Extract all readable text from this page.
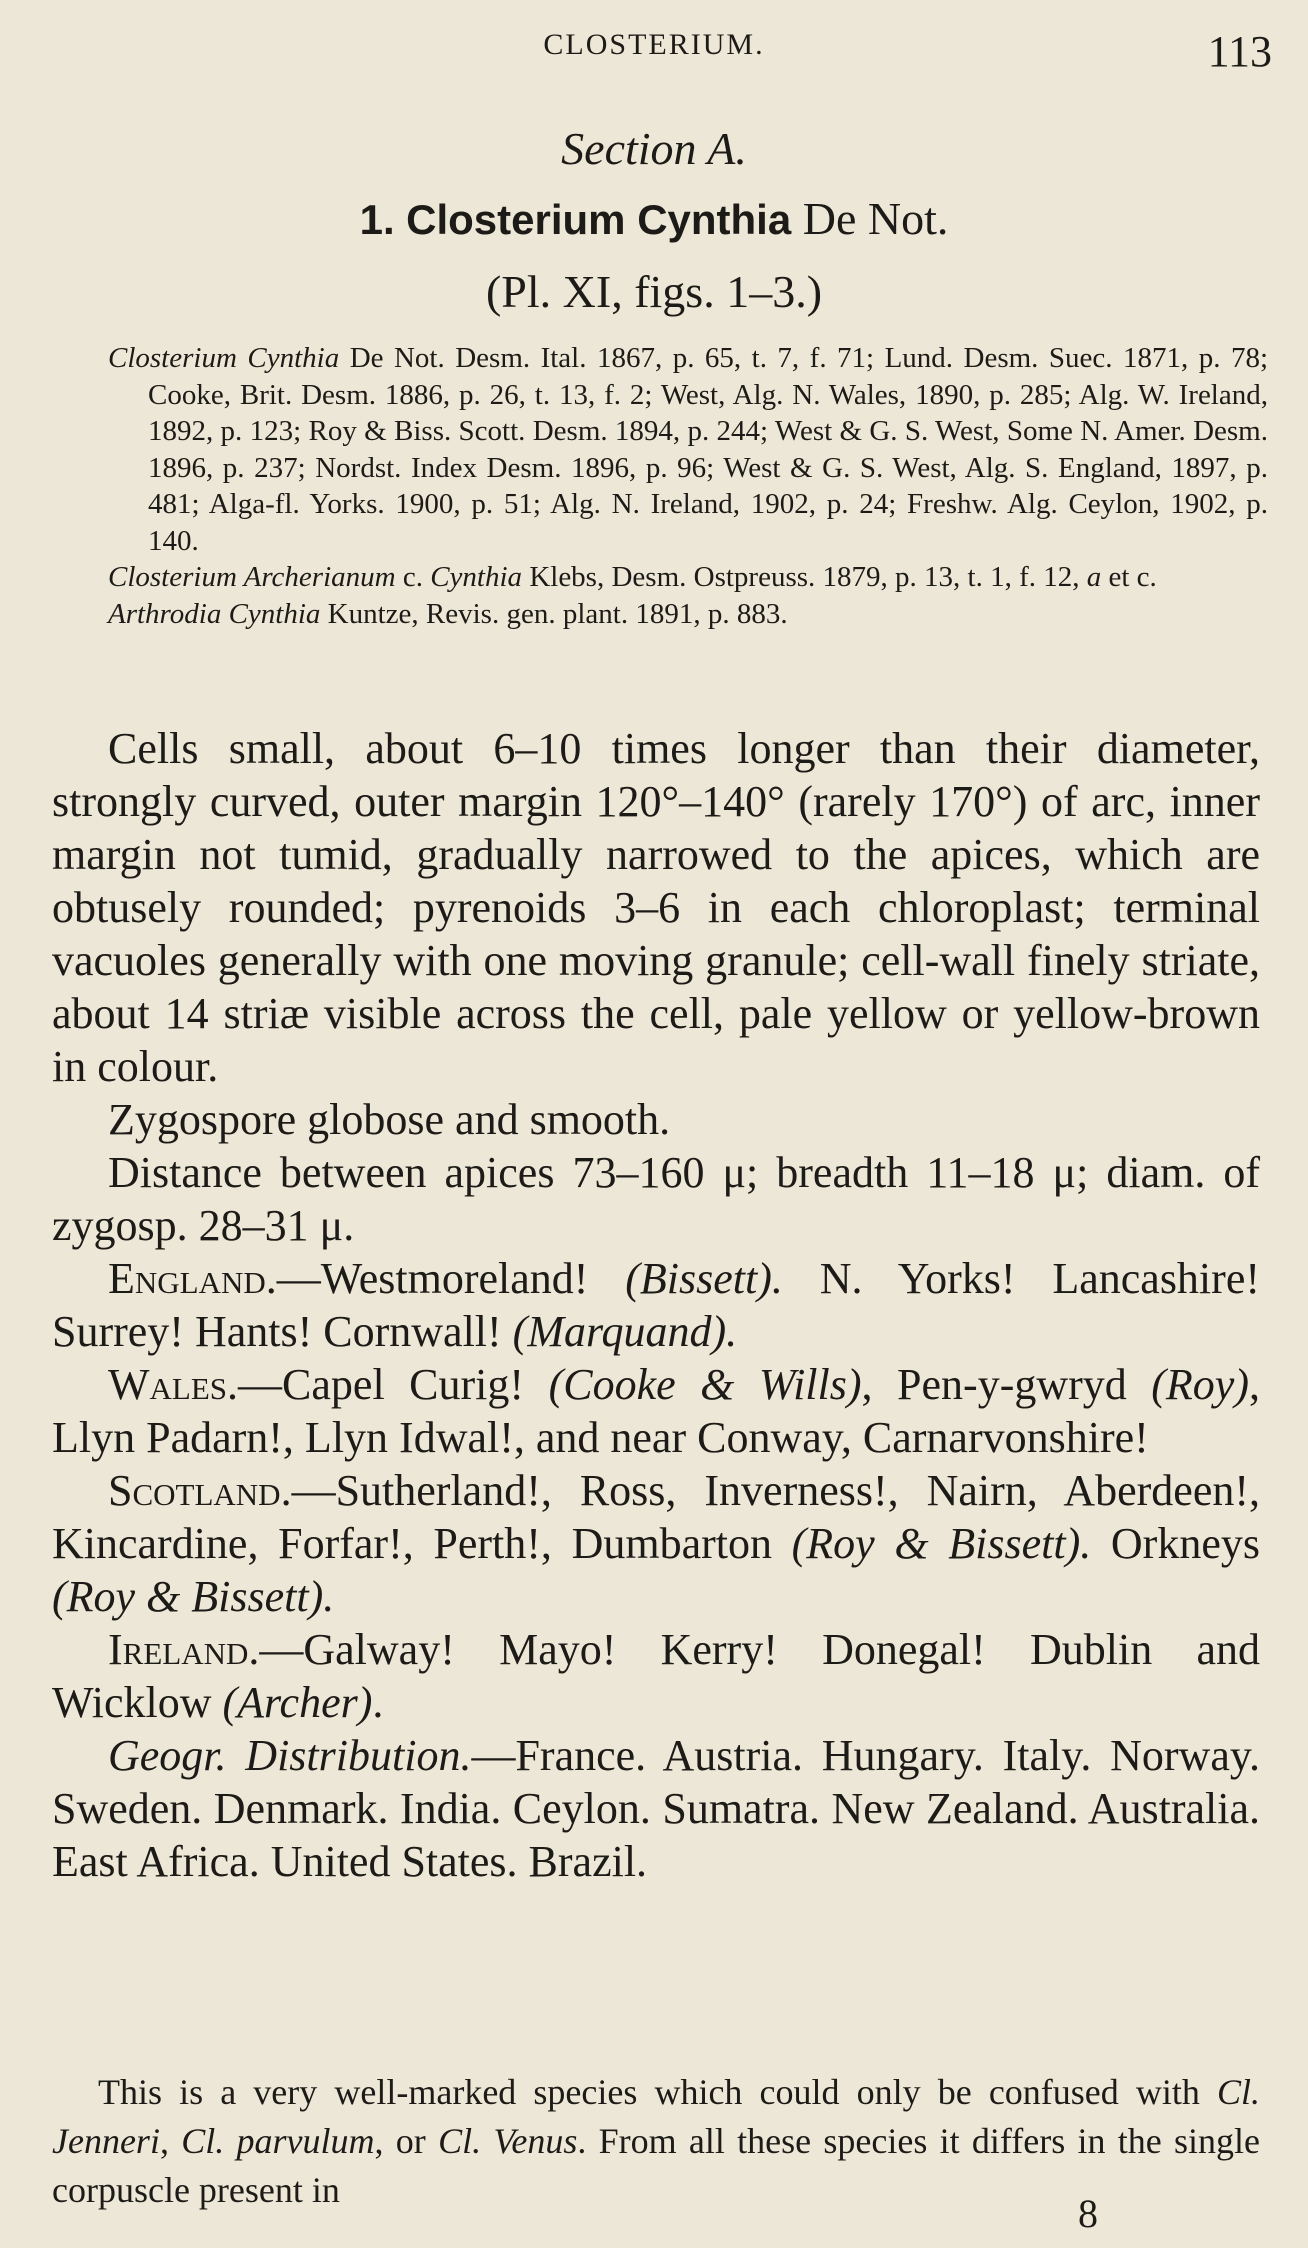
CLOSTERIUM.	113
Section A.
1. Closterium Cynthia De Not.
(Pl. XI, figs. 1–3.)

Closterium Cynthia De Not. Desm. Ital. 1867, p. 65, t. 7, f. 71; Lund. Desm. Suec. 1871, p. 78; Cooke, Brit. Desm. 1886, p. 26, t. 13, f. 2; West, Alg. N. Wales, 1890, p. 285; Alg. W. Ireland, 1892, p. 123; Roy & Biss. Scott. Desm. 1894, p. 244; West & G. S. West, Some N. Amer. Desm. 1896, p. 237; Nordst. Index Desm. 1896, p. 96; West & G. S. West, Alg. S. England, 1897, p. 481; Alga-fl. Yorks. 1900, p. 51; Alg. N. Ireland, 1902, p. 24; Freshw. Alg. Ceylon, 1902, p. 140.

Closterium Archerianum c. Cynthia Klebs, Desm. Ostpreuss. 1879, p. 13, t. 1, f. 12, a et c.

Arthrodia Cynthia Kuntze, Revis. gen. plant. 1891, p. 883.

Cells small, about 6–10 times longer than their diameter, strongly curved, outer margin 120°–140° (rarely 170°) of arc, inner margin not tumid, gradually narrowed to the apices, which are obtusely rounded; pyrenoids 3–6 in each chloroplast; terminal vacuoles generally with one moving granule; cell-wall finely striate, about 14 striæ visible across the cell, pale yellow or yellow-brown in colour.

Zygospore globose and smooth.

Distance between apices 73–160 μ; breadth 11–18 μ; diam. of zygosp. 28–31 μ.

England.—Westmoreland! (Bissett). N. Yorks! Lancashire! Surrey! Hants! Cornwall! (Marquand).

Wales.—Capel Curig! (Cooke & Wills), Pen-y-gwryd (Roy), Llyn Padarn!, Llyn Idwal!, and near Conway, Carnarvonshire!

Scotland.—Sutherland!, Ross, Inverness!, Nairn, Aberdeen!, Kincardine, Forfar!, Perth!, Dumbarton (Roy & Bissett). Orkneys (Roy & Bissett).

Ireland.—Galway! Mayo! Kerry! Donegal! Dublin and Wicklow (Archer).

Geogr. Distribution.—France. Austria. Hungary. Italy. Norway. Sweden. Denmark. India. Ceylon. Sumatra. New Zealand. Australia. East Africa. United States. Brazil.

This is a very well-marked species which could only be confused with Cl. Jenneri, Cl. parvulum, or Cl. Venus. From all these species it differs in the single corpuscle present in

8
